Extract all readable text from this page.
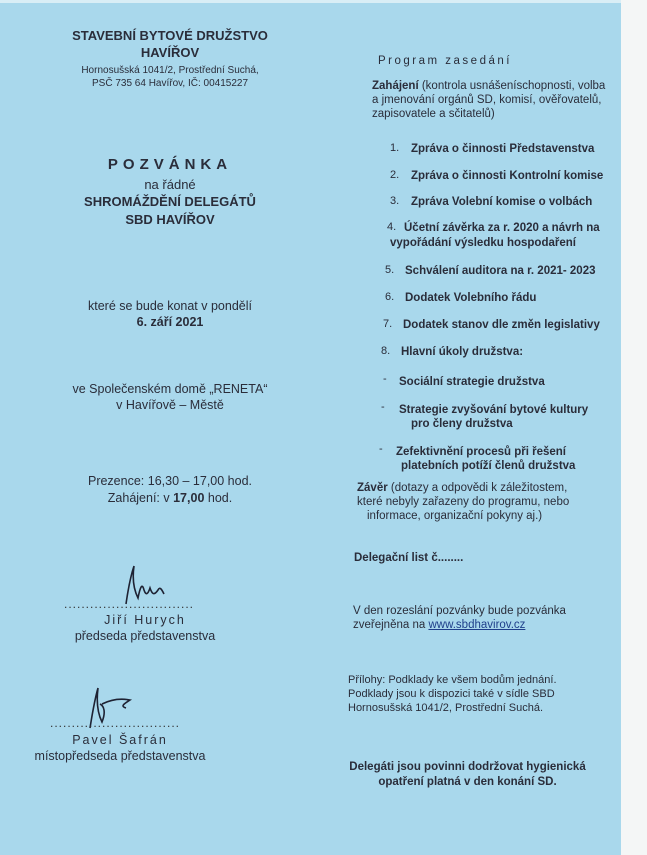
STAVEBNÍ BYTOVÉ DRUŽSTVO
HAVÍŘOV
Hornosušská 1041/2, Prostřední Suchá,
PSČ 735 64 Havířov, IČ: 00415227
POZVÁNKA
na řádné
SHROMÁŽDĚNÍ DELEGÁTŮ
SBD HAVÍŘOV
které se bude konat v pondělí
6. září 2021
ve Společenském domě „RENETA“
v Havířově – Městě
Prezence: 16,30 – 17,00 hod.
Zahájení: v 17,00 hod.
..............................
Jiří Hurych
předseda představenstva
..............................
Pavel Šafrán
místopředseda představenstva
Program zasedání
Zahájení (kontrola usnášeníschopnosti, volba
a jmenování orgánů SD, komisí, ověřovatelů,
zapisovatele a sčitatelů)
1. Zpráva o činnosti Představenstva
2. Zpráva o činnosti Kontrolní komise
3. Zpráva Volební komise o volbách
4. Účetní závěrka za r. 2020 a návrh na
vypořádání výsledku hospodaření
5. Schválení auditora na r. 2021- 2023
6. Dodatek Volebního řádu
7. Dodatek stanov dle změn legislativy
8. Hlavní úkoly družstva:
- Sociální strategie družstva
- Strategie zvyšování bytové kultury
pro členy družstva
- Zefektivnění procesů při řešení
platebních potíží členů družstva
Závěr (dotazy a odpovědi k záležitostem,
které nebyly zařazeny do programu, nebo
informace, organizační pokyny aj.)
Delegační list č........
V den rozeslání pozvánky bude pozvánka
zveřejněna na www.sbdhavirov.cz
Přílohy: Podklady ke všem bodům jednání.
Podklady jsou k dispozici také v sídle SBD
Hornosušská 1041/2, Prostřední Suchá.
Delegáti jsou povinni dodržovat hygienická
opatření platná v den konání SD.
